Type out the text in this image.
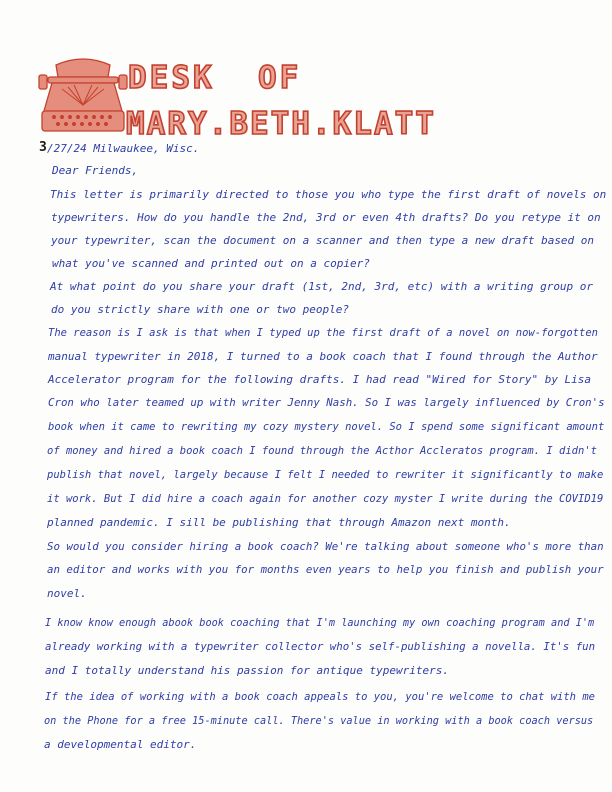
DESK OF
MARY.BETH.KLATT
3 /27/24 Milwaukee, Wisc.
Dear Friends,
This letter is primarily directed to those you who type the first draft of novels on
typewriters. How do you handle the 2nd, 3rd or even 4th drafts? Do you retype it on
your typewriter, scan the document on a scanner and then type a new draft based on
what you've scanned and printed out on a copier?
At what point do you share your draft (1st, 2nd, 3rd, etc) with a writing group or
do you strictly share with one or two people?
The reason is I ask is that when I typed up the first draft of a novel on now-forgotten
manual typewriter in 2018, I turned to a book coach that I found through the Author
Accelerator program for the following drafts. I had read "Wired for Story" by Lisa
Cron who later teamed up with writer Jenny Nash. So I was largely influenced by Cron's
book when it came to rewriting my cozy mystery novel. So I spend some significant amount
of money and hired a book coach I found through the Acthor Accleratos program. I didn't
publish that novel, largely because I felt I needed to rewriter it significantly to make
it work. But I did hire a coach again for another cozy myster I write during the COVID19
planned pandemic. I sill be publishing that through Amazon next month.
So would you consider hiring a book coach? We're talking about someone who's more than
an editor and works with you for months even years to help you finish and publish your
novel.
I know know enough abook book coaching that I'm launching my own coaching program and I'm
already working with a typewriter collector who's self-publishing a novella. It's fun
and I totally understand his passion for antique typewriters.
If the idea of working with a book coach appeals to you, you're welcome to chat with me
on the Phone for a free 15-minute call. There's value in working with a book coach versus
a developmental editor.
